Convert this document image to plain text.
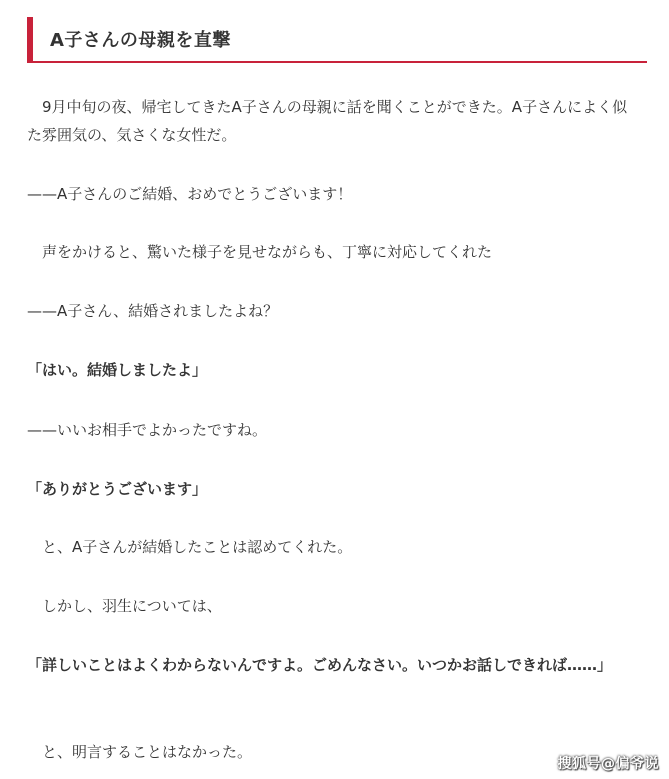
A子さんの母親を直撃

　9月中旬の夜、帰宅してきたA子さんの母親に話を聞くことができた。A子さんによく似た雰囲気の、気さくな女性だ。

——A子さんのご結婚、おめでとうございます！

　声をかけると、驚いた様子を見せながらも、丁寧に対応してくれた

——A子さん、結婚されましたよね？

「はい。結婚しましたよ」

——いいお相手でよかったですね。

「ありがとうございます」

　と、A子さんが結婚したことは認めてくれた。

　しかし、羽生については、

「詳しいことはよくわからないんですよ。ごめんなさい。いつかお話しできれば……」

　と、明言することはなかった。

搜狐号@偏爷说
